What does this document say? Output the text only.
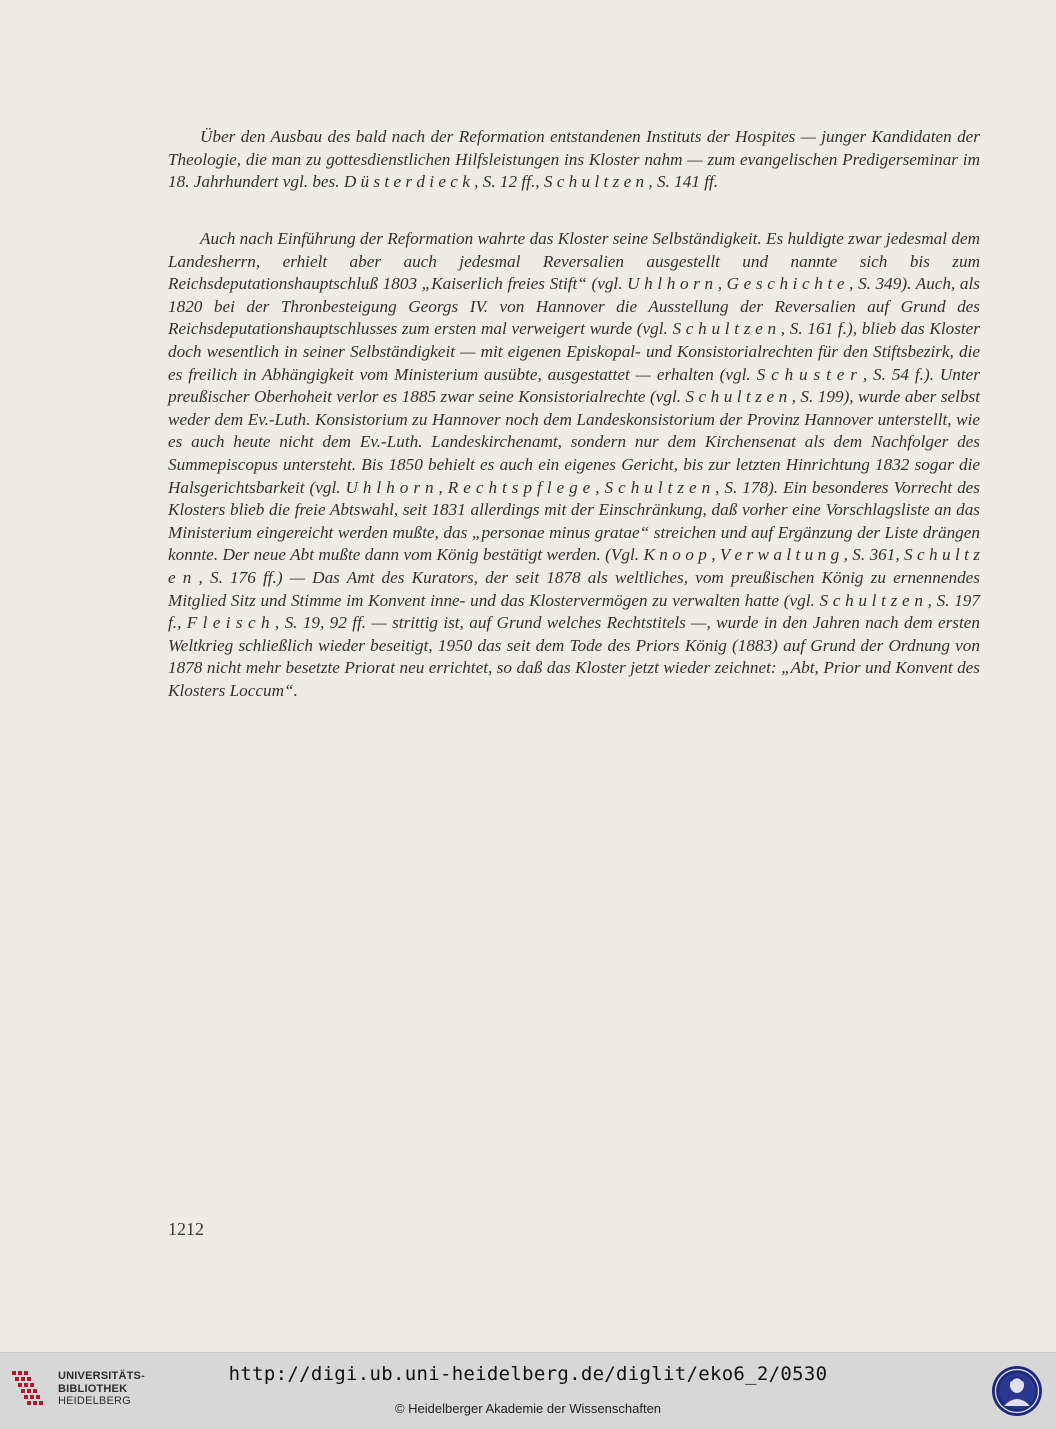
Über den Ausbau des bald nach der Reformation entstandenen Instituts der Hospites — junger Kandidaten der Theologie, die man zu gottesdienstlichen Hilfsleistungen ins Kloster nahm — zum evangelischen Predigerseminar im 18. Jahrhundert vgl. bes. D ü s t e r d i e c k , S. 12 ff., S c h u l t z e n , S. 141 ff.

Auch nach Einführung der Reformation wahrte das Kloster seine Selbständigkeit. Es huldigte zwar jedesmal dem Landesherrn, erhielt aber auch jedesmal Reversalien ausgestellt und nannte sich bis zum Reichsdeputationshauptschluß 1803 „Kaiserlich freies Stift“ (vgl. U h l h o r n , G e s c h i c h t e , S. 349). Auch, als 1820 bei der Thronbesteigung Georgs IV. von Hannover die Ausstellung der Reversalien auf Grund des Reichsdeputationshauptschlusses zum ersten mal verweigert wurde (vgl. S c h u l t z e n , S. 161 f.), blieb das Kloster doch wesentlich in seiner Selbständigkeit — mit eigenen Episkopal- und Konsistorialrechten für den Stiftsbezirk, die es freilich in Abhängigkeit vom Ministerium ausübte, ausgestattet — erhalten (vgl. S c h u s t e r , S. 54 f.). Unter preußischer Oberhoheit verlor es 1885 zwar seine Konsistorialrechte (vgl. S c h u l t z e n , S. 199), wurde aber selbst weder dem Ev.-Luth. Konsistorium zu Hannover noch dem Landeskonsistorium der Provinz Hannover unterstellt, wie es auch heute nicht dem Ev.-Luth. Landeskirchenamt, sondern nur dem Kirchensenat als dem Nachfolger des Summepiscopus untersteht. Bis 1850 behielt es auch ein eigenes Gericht, bis zur letzten Hinrichtung 1832 sogar die Halsgerichtsbarkeit (vgl. U h l h o r n , R e c h t s p f l e g e , S c h u l t z e n , S. 178). Ein besonderes Vorrecht des Klosters blieb die freie Abtswahl, seit 1831 allerdings mit der Einschränkung, daß vorher eine Vorschlagsliste an das Ministerium eingereicht werden mußte, das „personae minus gratae“ streichen und auf Ergänzung der Liste drängen konnte. Der neue Abt mußte dann vom König bestätigt werden. (Vgl. K n o o p , V e r w a l t u n g , S. 361, S c h u l t z e n , S. 176 ff.) — Das Amt des Kurators, der seit 1878 als weltliches, vom preußischen König zu ernennendes Mitglied Sitz und Stimme im Konvent inne- und das Klostervermögen zu verwalten hatte (vgl. S c h u l t z e n , S. 197 f., F l e i s c h , S. 19, 92 ff. — strittig ist, auf Grund welches Rechtstitels —, wurde in den Jahren nach dem ersten Weltkrieg schließlich wieder beseitigt, 1950 das seit dem Tode des Priors König (1883) auf Grund der Ordnung von 1878 nicht mehr besetzte Priorat neu errichtet, so daß das Kloster jetzt wieder zeichnet: „Abt, Prior und Konvent des Klosters Loccum“.

1212
UNIVERSITÄTS-
BIBLIOTHEK
HEIDELBERG
http://digi.ub.uni-heidelberg.de/diglit/eko6_2/0530
© Heidelberger Akademie der Wissenschaften
